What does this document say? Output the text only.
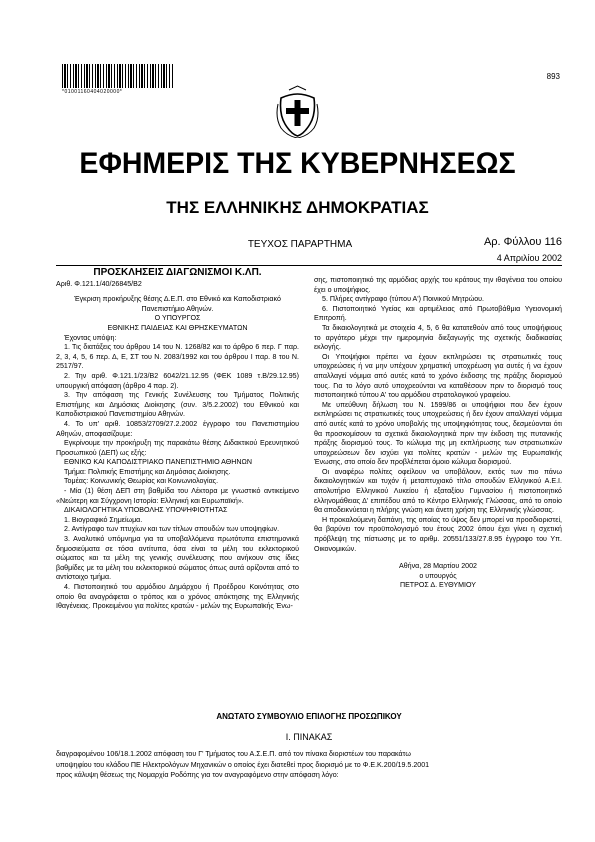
*01001160404020000*
893
ΕΦΗΜΕΡΙΣ ΤΗΣ ΚΥΒΕΡΝΗΣΕΩΣ
ΤΗΣ ΕΛΛΗΝΙΚΗΣ ΔΗΜΟΚΡΑΤΙΑΣ
ΤΕΥΧΟΣ ΠΑΡΑΡΤΗΜΑ	Αρ. Φύλλου 116
4 Απριλίου 2002
ΠΡΟΣΚΛΗΣΕΙΣ ΔΙΑΓΩΝΙΣΜΟΙ Κ.ΛΠ.
Αριθ. Φ.121.1/40/26845/Β2

Έγκριση προκήρυξης θέσης Δ.Ε.Π. στο Εθνικό και Καποδιστριακό Πανεπιστήμιο Αθηνών.

Ο ΥΠΟΥΡΓΟΣ

ΕΘΝΙΚΗΣ ΠΑΙΔΕΙΑΣ ΚΑΙ ΘΡΗΣΚΕΥΜΑΤΩΝ

Έχοντας υπόψη:

1. Τις διατάξεις του άρθρου 14 του Ν. 1268/82 και το άρθρο 6 περ. Γ παρ. 2, 3, 4, 5, 6 περ. Δ, Ε, ΣΤ του Ν. 2083/1992 και του άρθρου Ι παρ. 8 του Ν. 2517/97.

2. Την αριθ. Φ.121.1/23/Β2 6042/21.12.95 (ΦΕΚ 1089 τ.Β/29.12.95) υπουργική απόφαση (άρθρο 4 παρ. 2).

3. Την απόφαση της Γενικής Συνέλευσης του Τμήματος Πολιτικής Επιστήμης και Δημόσιας Διοίκησης (συν. 3/5.2.2002) του Εθνικού και Καποδιστριακού Πανεπιστημίου Αθηνών.

4. Το υπ' αριθ. 10853/2709/27.2.2002 έγγραφο του Πανεπιστημίου Αθηνών, αποφασίζουμε:

Εγκρίνουμε την προκήρυξη της παρακάτω θέσης Διδακτικού Ερευνητικού Προσωπικού (ΔΕΠ) ως εξής:

ΕΘΝΙΚΟ ΚΑΙ ΚΑΠΟΔΙΣΤΡΙΑΚΟ ΠΑΝΕΠΙΣΤΗΜΙΟ ΑΘΗΝΩΝ

Τμήμα: Πολιτικής Επιστήμης και Δημόσιας Διοίκησης.

Τομέας: Κοινωνικής Θεωρίας και Κοινωνιολογίας.

- Μία (1) θέση ΔΕΠ στη βαθμίδα του Λέκτορα με γνωστικό αντικείμενο «Νεώτερη και Σύγχρονη Ιστορία: Ελληνική και Ευρωπαϊκή».

ΔΙΚΑΙΟΛΟΓΗΤΙΚΑ ΥΠΟΒΟΛΗΣ ΥΠΟΨΗΦΙΟΤΗΤΑΣ

1. Βιογραφικό Σημείωμα.

2. Αντίγραφο των πτυχίων και των τίτλων σπουδών των υποψηφίων.

3. Αναλυτικό υπόμνημα για τα υποβαλλόμενα πρωτότυπα επιστημονικά δημοσιεύματα σε τόσα αντίτυπα, όσα είναι τα μέλη του εκλεκτορικού σώματος και τα μέλη της γενικής συνέλευσης που ανήκουν στις ίδιες βαθμίδες με τα μέλη του εκλεκτορικού σώματος όπως αυτά ορίζονται από το αντίστοιχο τμήμα.

4. Πιστοποιητικό του αρμόδιου Δημάρχου ή Προέδρου Κοινότητας στο οποίο θα αναγράφεται ο τρόπος και ο χρόνος απόκτησης της Ελληνικής Ιθαγένειας. Προκειμένου για πολίτες κρατών - μελών της Ευρωπαϊκής Ένω-

σης, πιστοποιητικό της αρμόδιας αρχής του κράτους την ιθαγένεια του οποίου έχει ο υποψήφιος.

5. Πλήρες αντίγραφο (τύπου Α') Ποινικού Μητρώου.

6. Πιστοποιητικό Υγείας και αρτιμέλειας από Πρωτοβάθμια Υγειονομική Επιτροπή.

Τα δικαιολογητικά με στοιχεία 4, 5, 6 θα κατατεθούν από τους υποψήφιους το αργότερο μέχρι την ημερομηνία διεξαγωγής της σχετικής διαδικασίας εκλογής.

Οι Υποψήφιοι πρέπει να έχουν εκπληρώσει τις στρατιωτικές τους υποχρεώσεις ή να μην υπέχουν χρηματική υποχρέωση για αυτές ή να έχουν απαλλαγεί νόμιμα από αυτές κατά το χρόνο έκδοσης της πράξης διορισμού τους. Για το λόγο αυτό υποχρεούνται να καταθέσουν πριν το διορισμό τους πιστοποιητικό τύπου Α' του αρμόδιου στρατολογικού γραφείου.

Με υπεύθυνη δήλωση του Ν. 1599/86 οι υποψήφιοι που δεν έχουν εκπληρώσει τις στρατιωτικές τους υποχρεώσεις ή δεν έχουν απαλλαγεί νόμιμα από αυτές κατά το χρόνο υποβολής της υποψηφιότητας τους, δεσμεύονται ότι θα προσκομίσουν τα σχετικά δικαιολογητικά πριν την έκδοση της πυτανικής πράξης διορισμού τους. Το κώλυμα της μη εκπλήρωσης των στρατιωτικών υποχρεώσεων δεν ισχύει για πολίτες κρατών - μελών της Ευρωπαϊκής Ένωσης, στο οποίο δεν προβλέπεται όμοιο κώλυμα διορισμού.

Οι αναφέρω πολίτες οφείλουν να υποβάλουν, εκτός των πιο πάνω δικαιολογητικών και τυχόν ή μεταπτυχιακό τίτλο σπουδών Ελληνικού Α.Ε.Ι. απολυτήριο Ελληνικού Λυκείου ή εξαταξίου Γυμνασίου ή πιστοποιητικό ελληνομάθειας Δ' επιπέδου από το Κέντρο Ελληνικής Γλώσσας, από το οποίο θα αποδεικνύεται η πλήρης γνώση και άνετη χρήση της Ελληνικής γλώσσας.

Η προκαλούμενη δαπάνη, της οποίας το ύψος δεν μπορεί να προσδιοριστεί, θα βαρύνει τον προϋπολογισμό του έτους 2002 όπου έχει γίνει η σχετική πρόβλεψη της πίστωσης με το αριθμ. 20551/133/27.8.95 έγγραφο του Υπ. Οικονομικών.

Αθήνα, 28 Μαρτίου 2002

ο υπουργός

ΠΕΤΡΟΣ Δ. ΕΥΘΥΜΙΟΥ

ΑΝΩΤΑΤΟ ΣΥΜΒΟΥΛΙΟ ΕΠΙΛΟΓΗΣ ΠΡΟΣΩΠΙΚΟΥ
Ι. ΠΙΝΑΚΑΣ
διαγραφομένου 106/18.1.2002 απόφαση του Γ' Τμήματος του Α.Σ.Ε.Π. από τον πίνακα διοριστέων του παρακάτω
υποψηφίου του κλάδου ΠΕ Ηλεκτρολόγων Μηχανικών ο οποίος έχει διατεθεί προς διορισμό με το Φ.Ε.Κ.200/19.5.2001
προς κάλυψη θέσεως της Νομαρχία Ροδόπης για τον αναγραφόμενο στην απόφαση λόγο:
